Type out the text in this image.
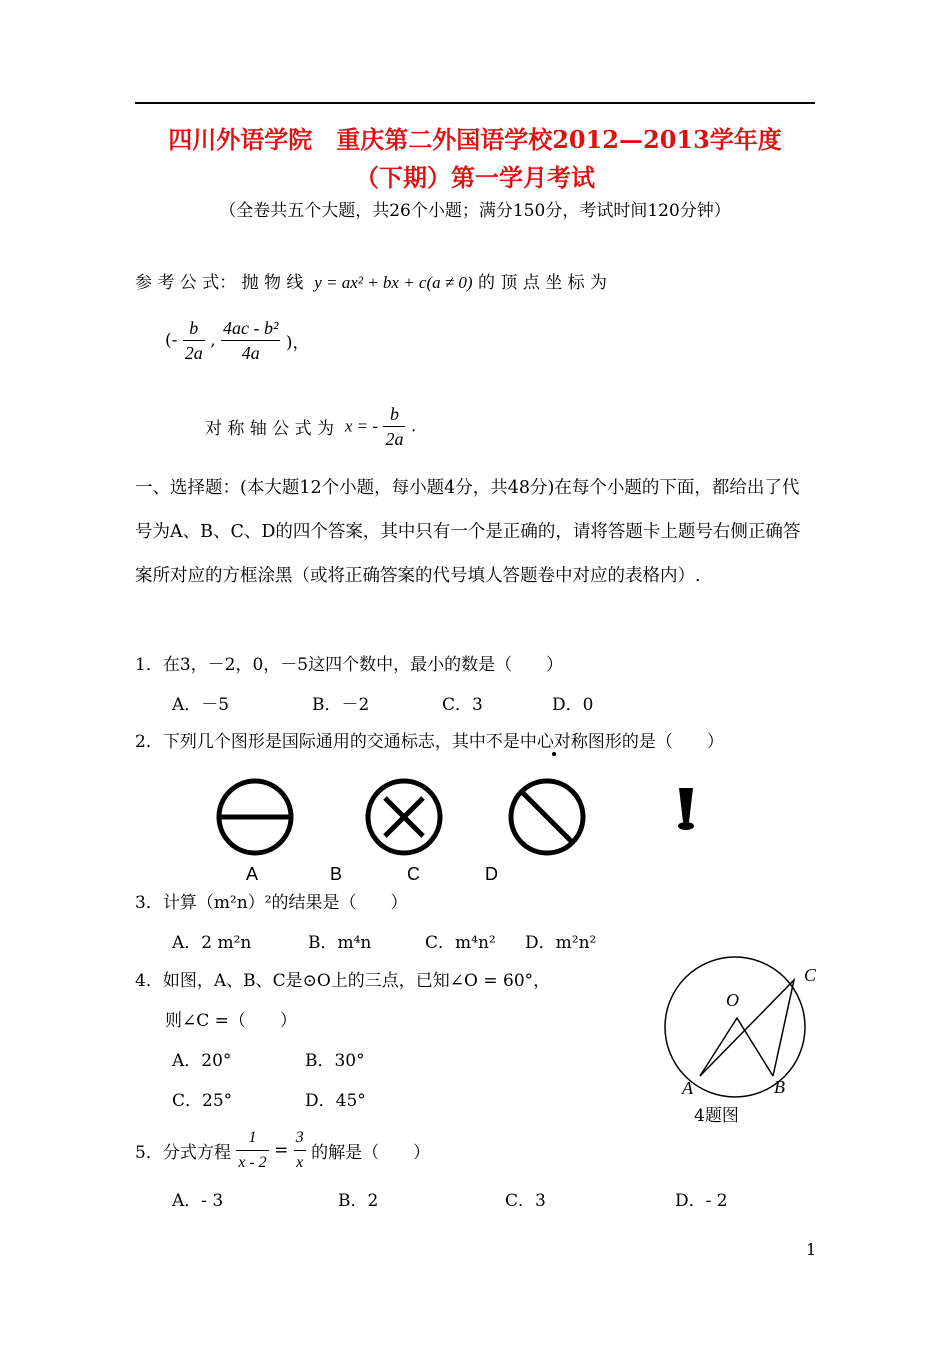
四川外语学院　重庆第二外国语学校2012—2013学年度
（下期）第一学月考试
（全卷共五个大题，共26个小题；满分150分，考试时间120分钟）
参 考 公 式： 抛 物 线 y = ax² + bx + c(a ≠ 0) 的 顶 点 坐 标 为
(- $\frac{b}{2a}$ , $\frac{\text{4ac - b²}}{4a}$ )，
对 称 轴 公 式 为 x = - $\frac{b}{2a}$ .
一、选择题：(本大题12个小题，每小题4分，共48分)在每个小题的下面，都给出了代号为A、B、C、D的四个答案，其中只有一个是正确的，请将答题卡上题号右侧正确答案所对应的方框涂黑（或将正确答案的代号填人答题卷中对应的表格内）.
1．在3，－2，0，－5这四个数中，最小的数是（　　）
A．－5	B．－2	C．3	D．0
2．下列几个图形是国际通用的交通标志，其中不是中心对称图形的是（　　）
A	B	C	D
3．计算（m²n）²的结果是（　　）
A．2 m²n	B．m⁴n	C．m⁴n² D．m²n²
4．如图，A、B、C是⊙O上的三点，已知∠O = 60°，
则∠C =（　　）
A．20°	B．30°
C．25°	D．45°
O
A	B
C
4题图
5．分式方程 $\frac{1}{x - 2} = \frac{3}{x}$ 的解是（　　）
A．- 3	B．2	C．3	D．- 2
1
